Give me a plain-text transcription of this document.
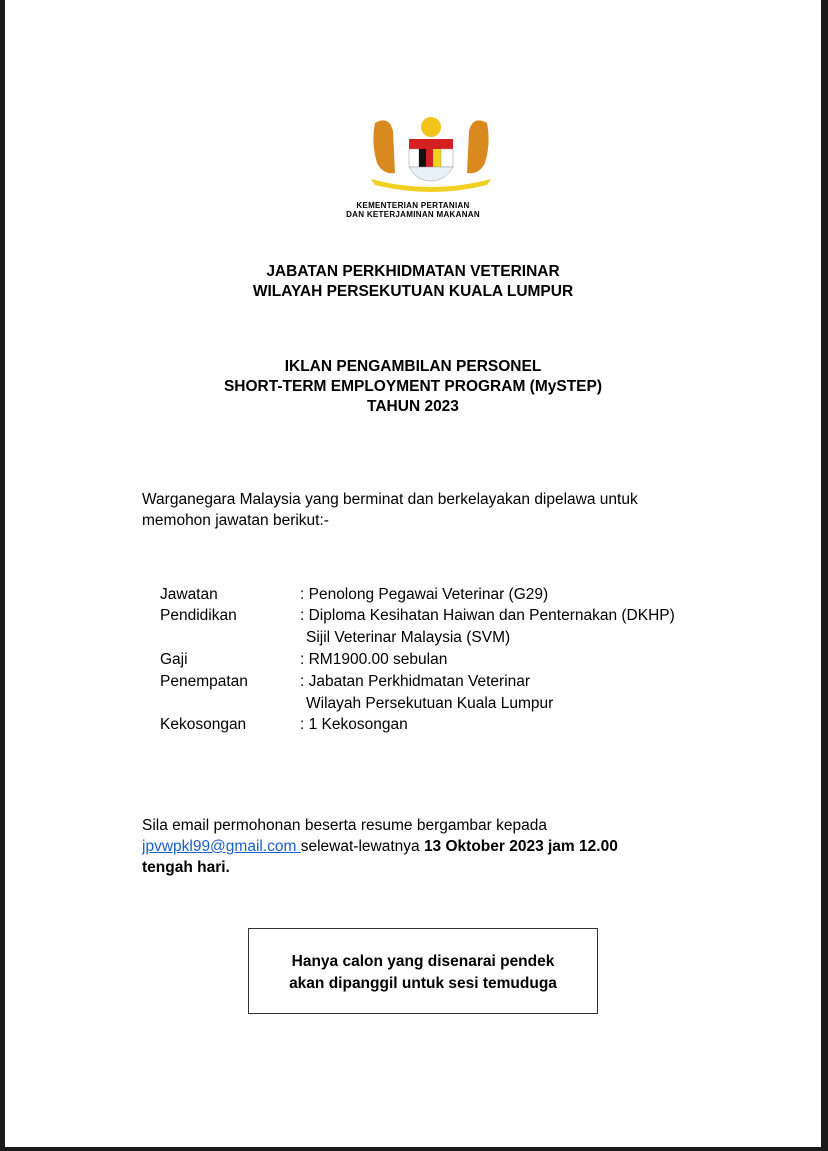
KEMENTERIAN PERTANIAN
DAN KETERJAMINAN MAKANAN
JABATAN PERKHIDMATAN VETERINAR
WILAYAH PERSEKUTUAN KUALA LUMPUR
IKLAN PENGAMBILAN PERSONEL
SHORT-TERM EMPLOYMENT PROGRAM (MySTEP)
TAHUN 2023
Warganegara Malaysia yang berminat dan berkelayakan dipelawa untuk
memohon jawatan berikut:-
Jawatan	: Penolong Pegawai Veterinar (G29)
Pendidikan	: Diploma Kesihatan Haiwan dan Penternakan (DKHP)
Sijil Veterinar Malaysia (SVM)
Gaji	: RM1900.00 sebulan
Penempatan	: Jabatan Perkhidmatan Veterinar
Wilayah Persekutuan Kuala Lumpur
Kekosongan	: 1 Kekosongan
Sila email permohonan beserta resume bergambar kepada
jpvwpkl99@gmail.com selewat-lewatnya 13 Oktober 2023 jam 12.00
tengah hari.
Hanya calon yang disenarai pendek
akan dipanggil untuk sesi temuduga
